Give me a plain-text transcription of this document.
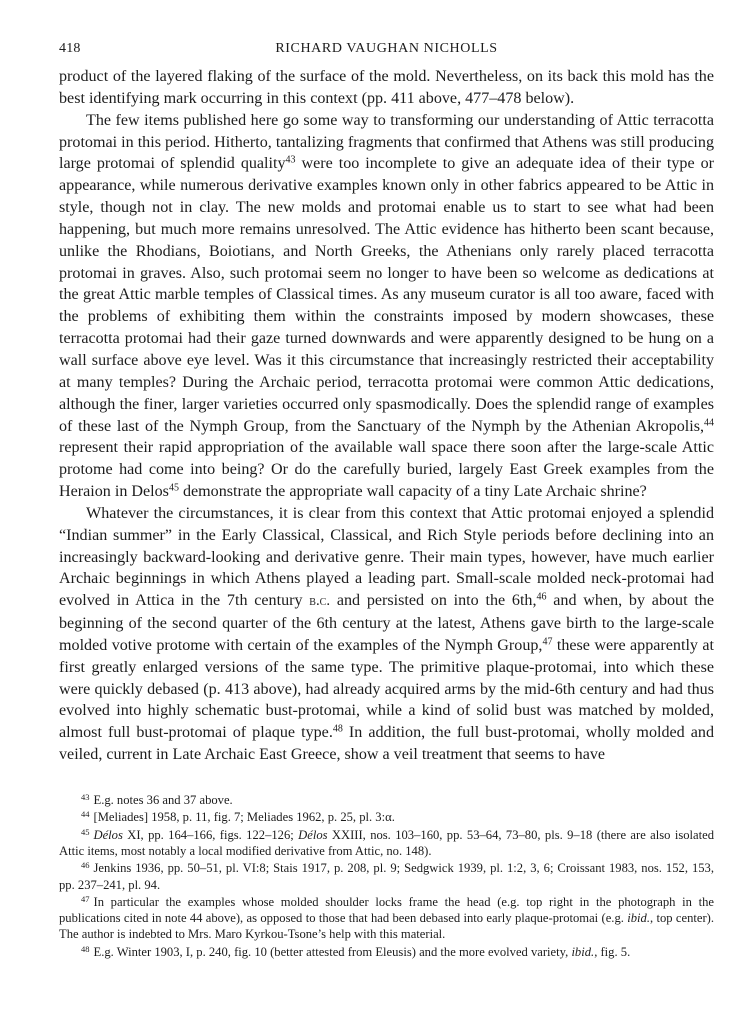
418	RICHARD VAUGHAN NICHOLLS

product of the layered flaking of the surface of the mold. Nevertheless, on its back this mold has the best identifying mark occurring in this context (pp. 411 above, 477–478 below).

The few items published here go some way to transforming our understanding of Attic terracotta protomai in this period. Hitherto, tantalizing fragments that confirmed that Athens was still producing large protomai of splendid quality$^{43}$ were too incomplete to give an adequate idea of their type or appearance, while numerous derivative examples known only in other fabrics appeared to be Attic in style, though not in clay. The new molds and protomai enable us to start to see what had been happening, but much more remains unresolved. The Attic evidence has hitherto been scant because, unlike the Rhodians, Boiotians, and North Greeks, the Athenians only rarely placed terracotta protomai in graves. Also, such protomai seem no longer to have been so welcome as dedications at the great Attic marble temples of Classical times. As any museum curator is all too aware, faced with the problems of exhibiting them within the constraints imposed by modern showcases, these terracotta protomai had their gaze turned downwards and were apparently designed to be hung on a wall surface above eye level. Was it this circumstance that increasingly restricted their acceptability at many temples? During the Archaic period, terracotta protomai were common Attic dedications, although the finer, larger varieties occurred only spasmodically. Does the splendid range of examples of these last of the Nymph Group, from the Sanctuary of the Nymph by the Athenian Akropolis,$^{44}$ represent their rapid appropriation of the available wall space there soon after the large-scale Attic protome had come into being? Or do the carefully buried, largely East Greek examples from the Heraion in Delos$^{45}$ demonstrate the appropriate wall capacity of a tiny Late Archaic shrine?

Whatever the circumstances, it is clear from this context that Attic protomai enjoyed a splendid “Indian summer” in the Early Classical, Classical, and Rich Style periods before declining into an increasingly backward-looking and derivative genre. Their main types, however, have much earlier Archaic beginnings in which Athens played a leading part. Small-scale molded neck-protomai had evolved in Attica in the 7th century b.c. and persisted on into the 6th,$^{46}$ and when, by about the beginning of the second quarter of the 6th century at the latest, Athens gave birth to the large-scale molded votive protome with certain of the examples of the Nymph Group,$^{47}$ these were apparently at first greatly enlarged versions of the same type. The primitive plaque-protomai, into which these were quickly debased (p. 413 above), had already acquired arms by the mid-6th century and had thus evolved into highly schematic bust-protomai, while a kind of solid bust was matched by molded, almost full bust-protomai of plaque type.$^{48}$ In addition, the full bust-protomai, wholly molded and veiled, current in Late Archaic East Greece, show a veil treatment that seems to have

$^{43}$ E.g. notes 36 and 37 above.

$^{44}$ [Meliades] 1958, p. 11, fig. 7; Meliades 1962, p. 25, pl. 3:α.

$^{45}$ Délos XI, pp. 164–166, figs. 122–126; Délos XXIII, nos. 103–160, pp. 53–64, 73–80, pls. 9–18 (there are also isolated Attic items, most notably a local modified derivative from Attic, no. 148).

$^{46}$ Jenkins 1936, pp. 50–51, pl. VI:8; Stais 1917, p. 208, pl. 9; Sedgwick 1939, pl. 1:2, 3, 6; Croissant 1983, nos. 152, 153, pp. 237–241, pl. 94.

$^{47}$ In particular the examples whose molded shoulder locks frame the head (e.g. top right in the photograph in the publications cited in note 44 above), as opposed to those that had been debased into early plaque-protomai (e.g. ibid., top center). The author is indebted to Mrs. Maro Kyrkou-Tsone’s help with this material.

$^{48}$ E.g. Winter 1903, I, p. 240, fig. 10 (better attested from Eleusis) and the more evolved variety, ibid., fig. 5.
